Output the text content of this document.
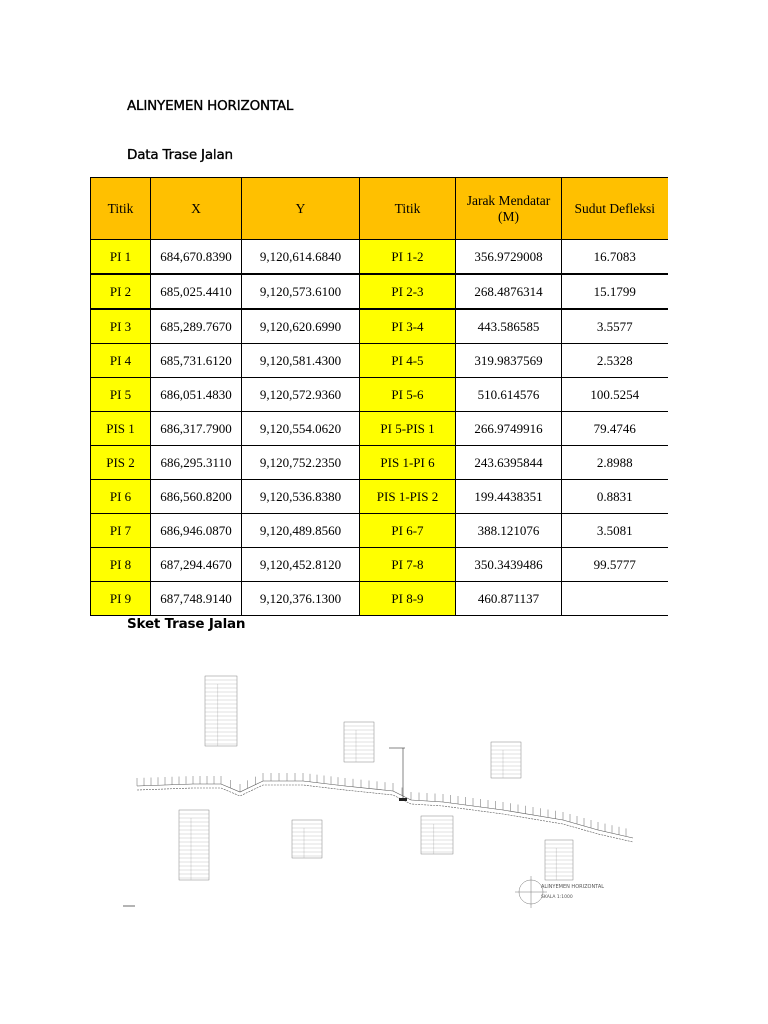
ALINYEMEN HORIZONTAL
Data Trase Jalan
Titik	X	Y	Titik	Jarak Mendatar (M)	Sudut Defleksi
PI 1	684,670.8390	9,120,614.6840	PI 1-2	356.9729008	16.7083
PI 2	685,025.4410	9,120,573.6100	PI 2-3	268.4876314	15.1799
PI 3	685,289.7670	9,120,620.6990	PI 3-4	443.586585	3.5577
PI 4	685,731.6120	9,120,581.4300	PI 4-5	319.9837569	2.5328
PI 5	686,051.4830	9,120,572.9360	PI 5-6	510.614576	100.5254
PIS 1	686,317.7900	9,120,554.0620	PI 5-PIS 1	266.9749916	79.4746
PIS 2	686,295.3110	9,120,752.2350	PIS 1-PI 6	243.6395844	2.8988
PI 6	686,560.8200	9,120,536.8380	PIS 1-PIS 2	199.4438351	0.8831
PI 7	686,946.0870	9,120,489.8560	PI 6-7	388.121076	3.5081
PI 8	687,294.4670	9,120,452.8120	PI 7-8	350.3439486	99.5777
PI 9	687,748.9140	9,120,376.1300	PI 8-9	460.871137	
Sket Trase Jalan
ALINYEMEN HORIZONTAL
SKALA 1:1000
